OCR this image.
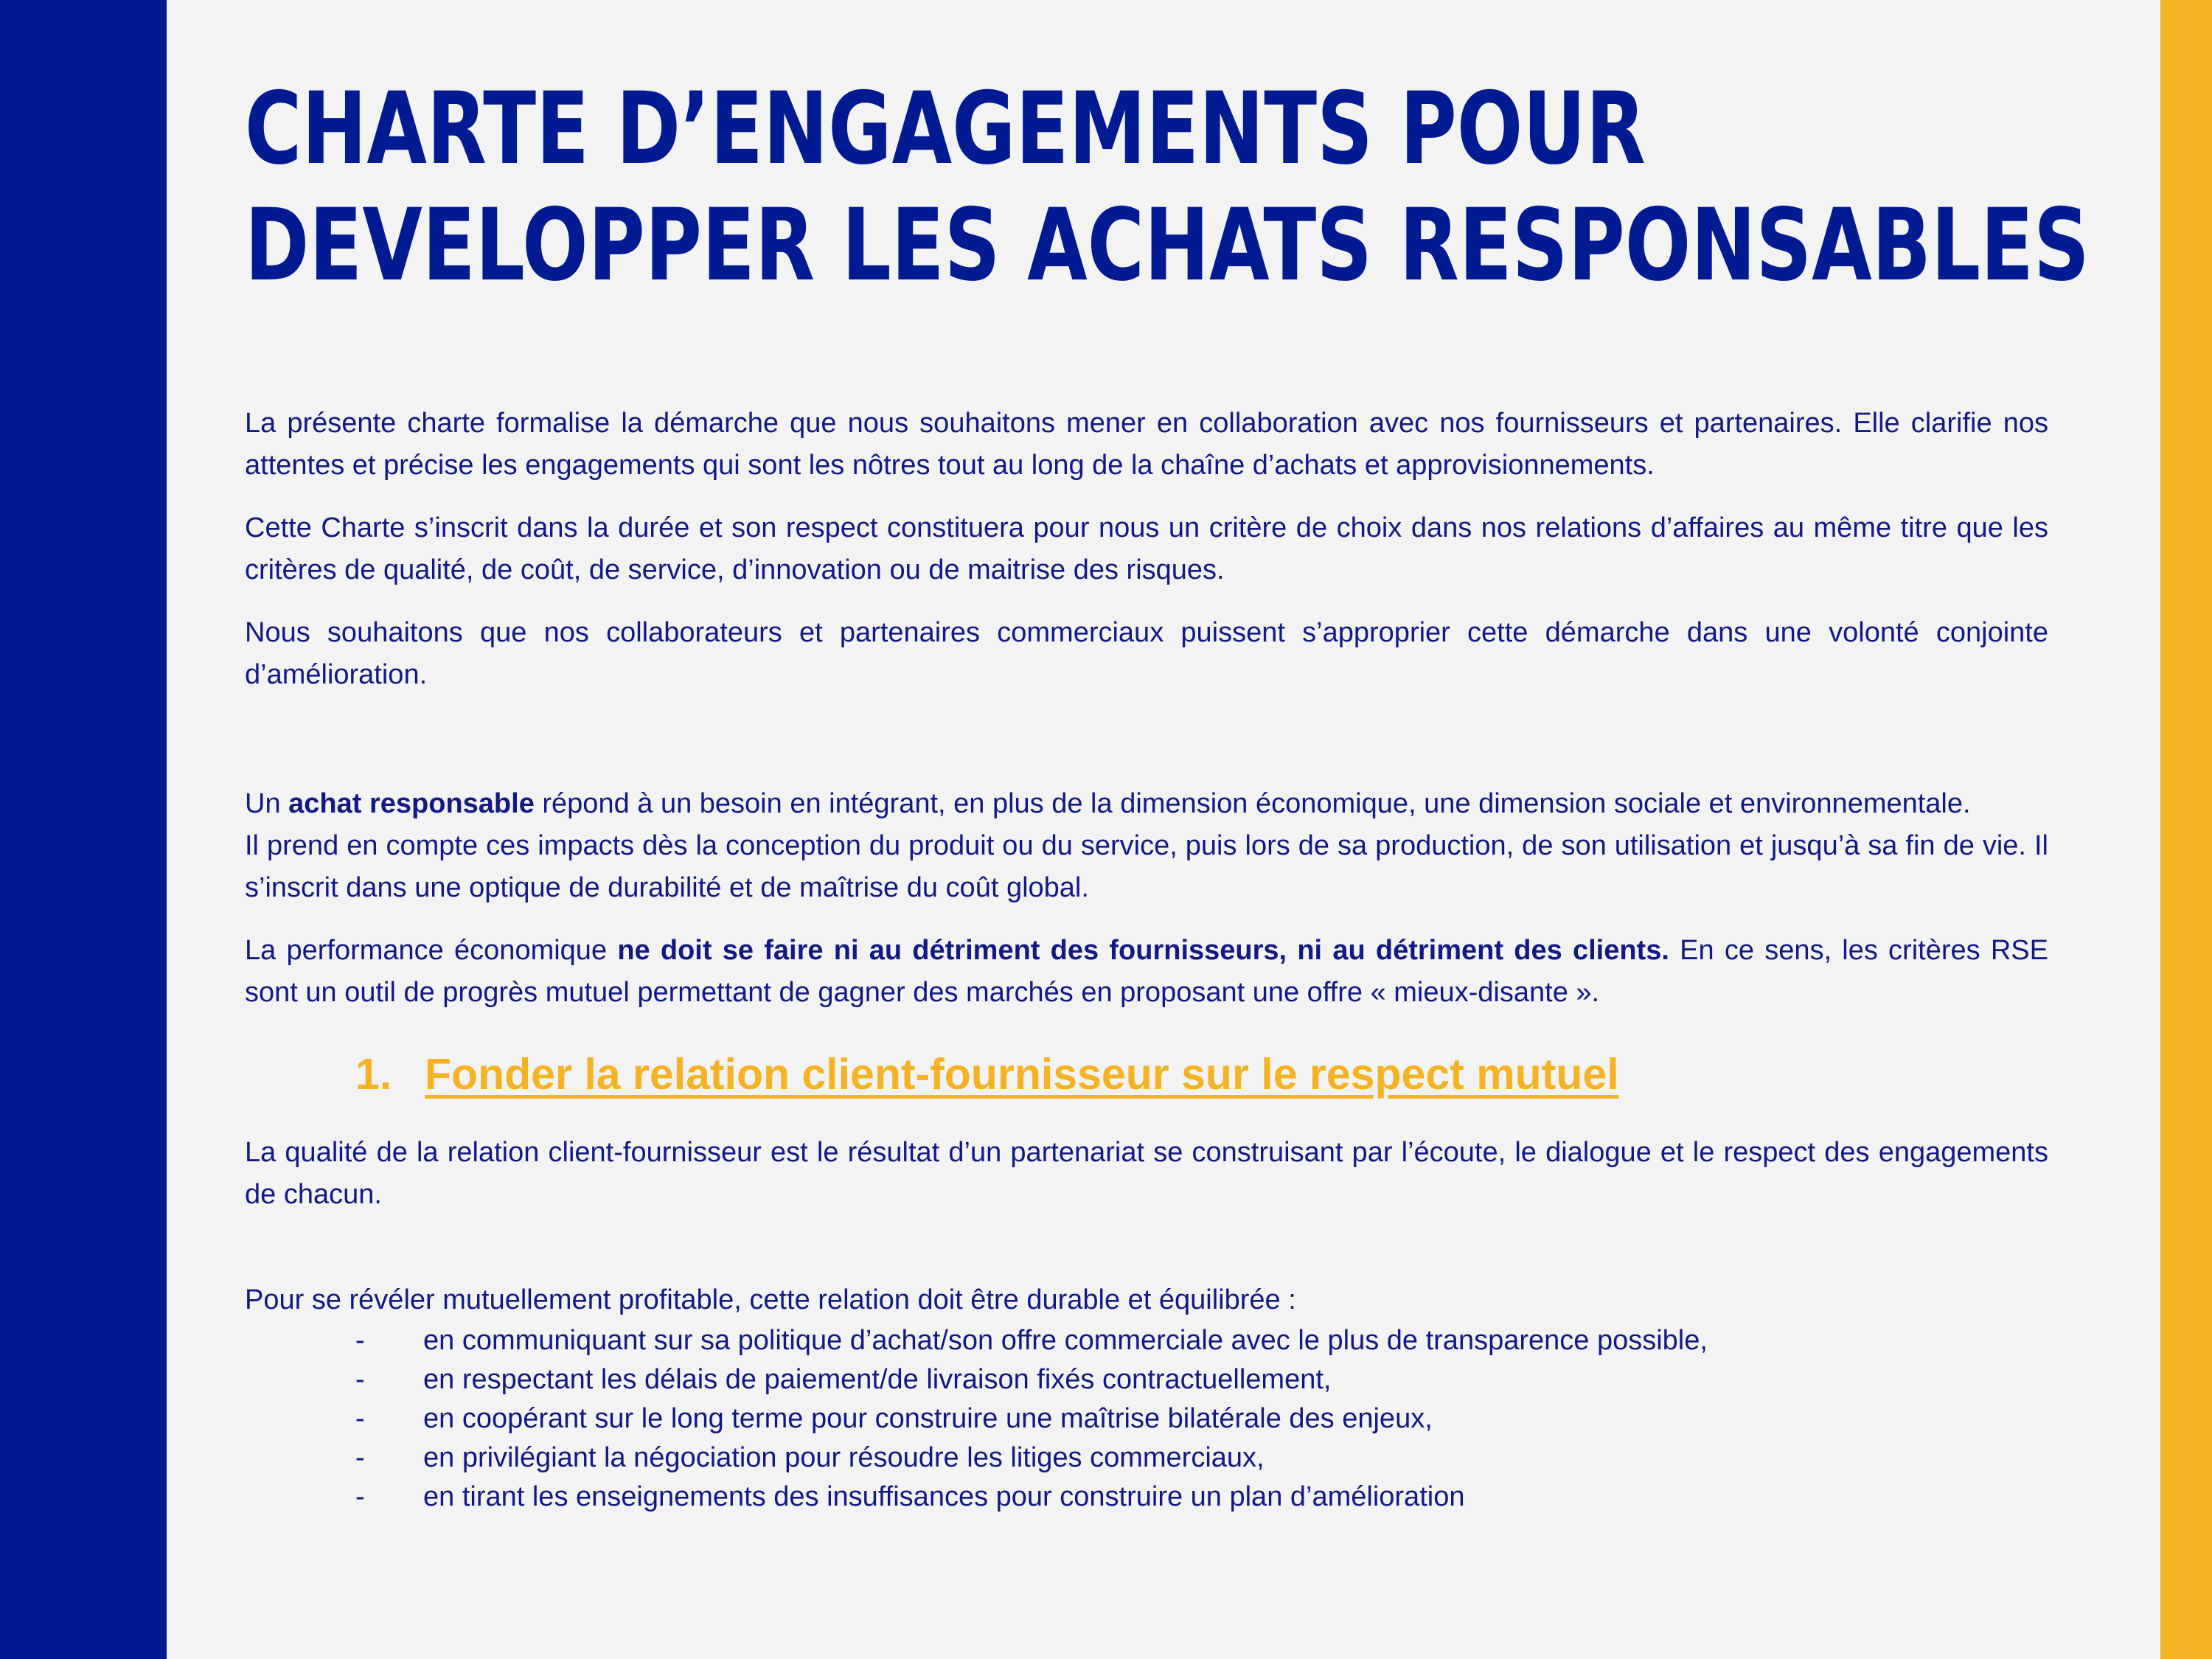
CHARTE D’ENGAGEMENTS POUR
DEVELOPPER LES ACHATS RESPONSABLES

La présente charte formalise la démarche que nous souhaitons mener en collaboration avec nos fournisseurs et partenaires. Elle clarifie nos attentes et précise les engagements qui sont les nôtres tout au long de la chaîne d’achats et approvisionnements.

Cette Charte s’inscrit dans la durée et son respect constituera pour nous un critère de choix dans nos relations d’affaires au même titre que les critères de qualité, de coût, de service, d’innovation ou de maitrise des risques.

Nous souhaitons que nos collaborateurs et partenaires commerciaux puissent s’approprier cette démarche dans une volonté conjointe d’amélioration.

Un achat responsable répond à un besoin en intégrant, en plus de la dimension économique, une dimension sociale et environnementale.

Il prend en compte ces impacts dès la conception du produit ou du service, puis lors de sa production, de son utilisation et jusqu’à sa fin de vie. Il s’inscrit dans une optique de durabilité et de maîtrise du coût global.

La performance économique ne doit se faire ni au détriment des fournisseurs, ni au détriment des clients. En ce sens, les critères RSE sont un outil de progrès mutuel permettant de gagner des marchés en proposant une offre « mieux-disante ».

1. Fonder la relation client-fournisseur sur le respect mutuel

La qualité de la relation client-fournisseur est le résultat d’un partenariat se construisant par l’écoute, le dialogue et le respect des engagements de chacun.

Pour se révéler mutuellement profitable, cette relation doit être durable et équilibrée :

- en communiquant sur sa politique d’achat/son offre commerciale avec le plus de transparence possible,
- en respectant les délais de paiement/de livraison fixés contractuellement,
- en coopérant sur le long terme pour construire une maîtrise bilatérale des enjeux,
- en privilégiant la négociation pour résoudre les litiges commerciaux,
- en tirant les enseignements des insuffisances pour construire un plan d’amélioration
